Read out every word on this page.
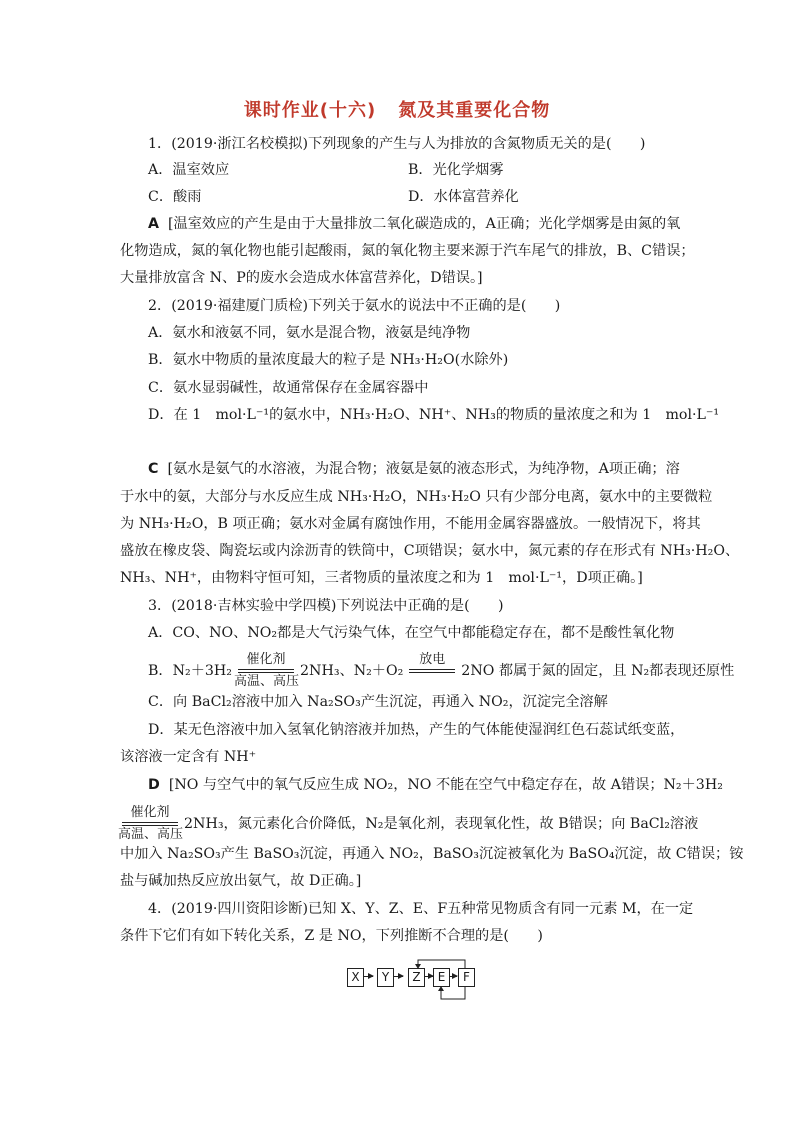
课时作业(十六) 氮及其重要化合物
1．(2019·浙江名校模拟)下列现象的产生与人为排放的含氮物质无关的是(　　)
A．温室效应	B．光化学烟雾
C．酸雨	D．水体富营养化
A [温室效应的产生是由于大量排放二氧化碳造成的，A正确；光化学烟雾是由氮的氧
化物造成，氮的氧化物也能引起酸雨，氮的氧化物主要来源于汽车尾气的排放，B、C错误；
大量排放富含 N、P的废水会造成水体富营养化，D错误。]
2．(2019·福建厦门质检)下列关于氨水的说法中不正确的是(　　)
A．氨水和液氨不同，氨水是混合物，液氨是纯净物
B．氨水中物质的量浓度最大的粒子是 NH₃·H₂O(水除外)
C．氨水显弱碱性，故通常保存在金属容器中
D．在 1　mol·L⁻¹的氨水中，NH₃·H₂O、NH⁺、NH₃的物质的量浓度之和为 1　mol·L⁻¹
C [氨水是氨气的水溶液，为混合物；液氨是氨的液态形式，为纯净物，A项正确；溶
于水中的氨，大部分与水反应生成 NH₃·H₂O，NH₃·H₂O 只有少部分电离，氨水中的主要微粒
为 NH₃·H₂O，B 项正确；氨水对金属有腐蚀作用，不能用金属容器盛放。一般情况下，将其
盛放在橡皮袋、陶瓷坛或内涂沥青的铁筒中，C项错误；氨水中，氮元素的存在形式有 NH₃·H₂O、
NH₃、NH⁺，由物料守恒可知，三者物质的量浓度之和为 1　mol·L⁻¹，D项正确。]
3．(2018·吉林实验中学四模)下列说法中正确的是(　　)
A．CO、NO、NO₂都是大气污染气体，在空气中都能稳定存在，都不是酸性氧化物
B．N₂＋3H₂
催化剂
高温、高压
2NH₃、N₂＋O₂
放电
2NO 都属于氮的固定，且 N₂都表现还原性
C．向 BaCl₂溶液中加入 Na₂SO₃产生沉淀，再通入 NO₂，沉淀完全溶解
D．某无色溶液中加入氢氧化钠溶液并加热，产生的气体能使湿润红色石蕊试纸变蓝，
该溶液一定含有 NH⁺
D [NO 与空气中的氧气反应生成 NO₂，NO 不能在空气中稳定存在，故 A错误；N₂＋3H₂
催化剂
高温、高压
2NH₃，氮元素化合价降低，N₂是氧化剂，表现氧化性，故 B错误；向 BaCl₂溶液
中加入 Na₂SO₃产生 BaSO₃沉淀，再通入 NO₂，BaSO₃沉淀被氧化为 BaSO₄沉淀，故 C错误；铵
盐与碱加热反应放出氨气，故 D正确。]
4．(2019·四川资阳诊断)已知 X、Y、Z、E、F五种常见物质含有同一元素 M，在一定
条件下它们有如下转化关系，Z 是 NO，下列推断不合理的是(　　)
X	Y	Z	E	F
